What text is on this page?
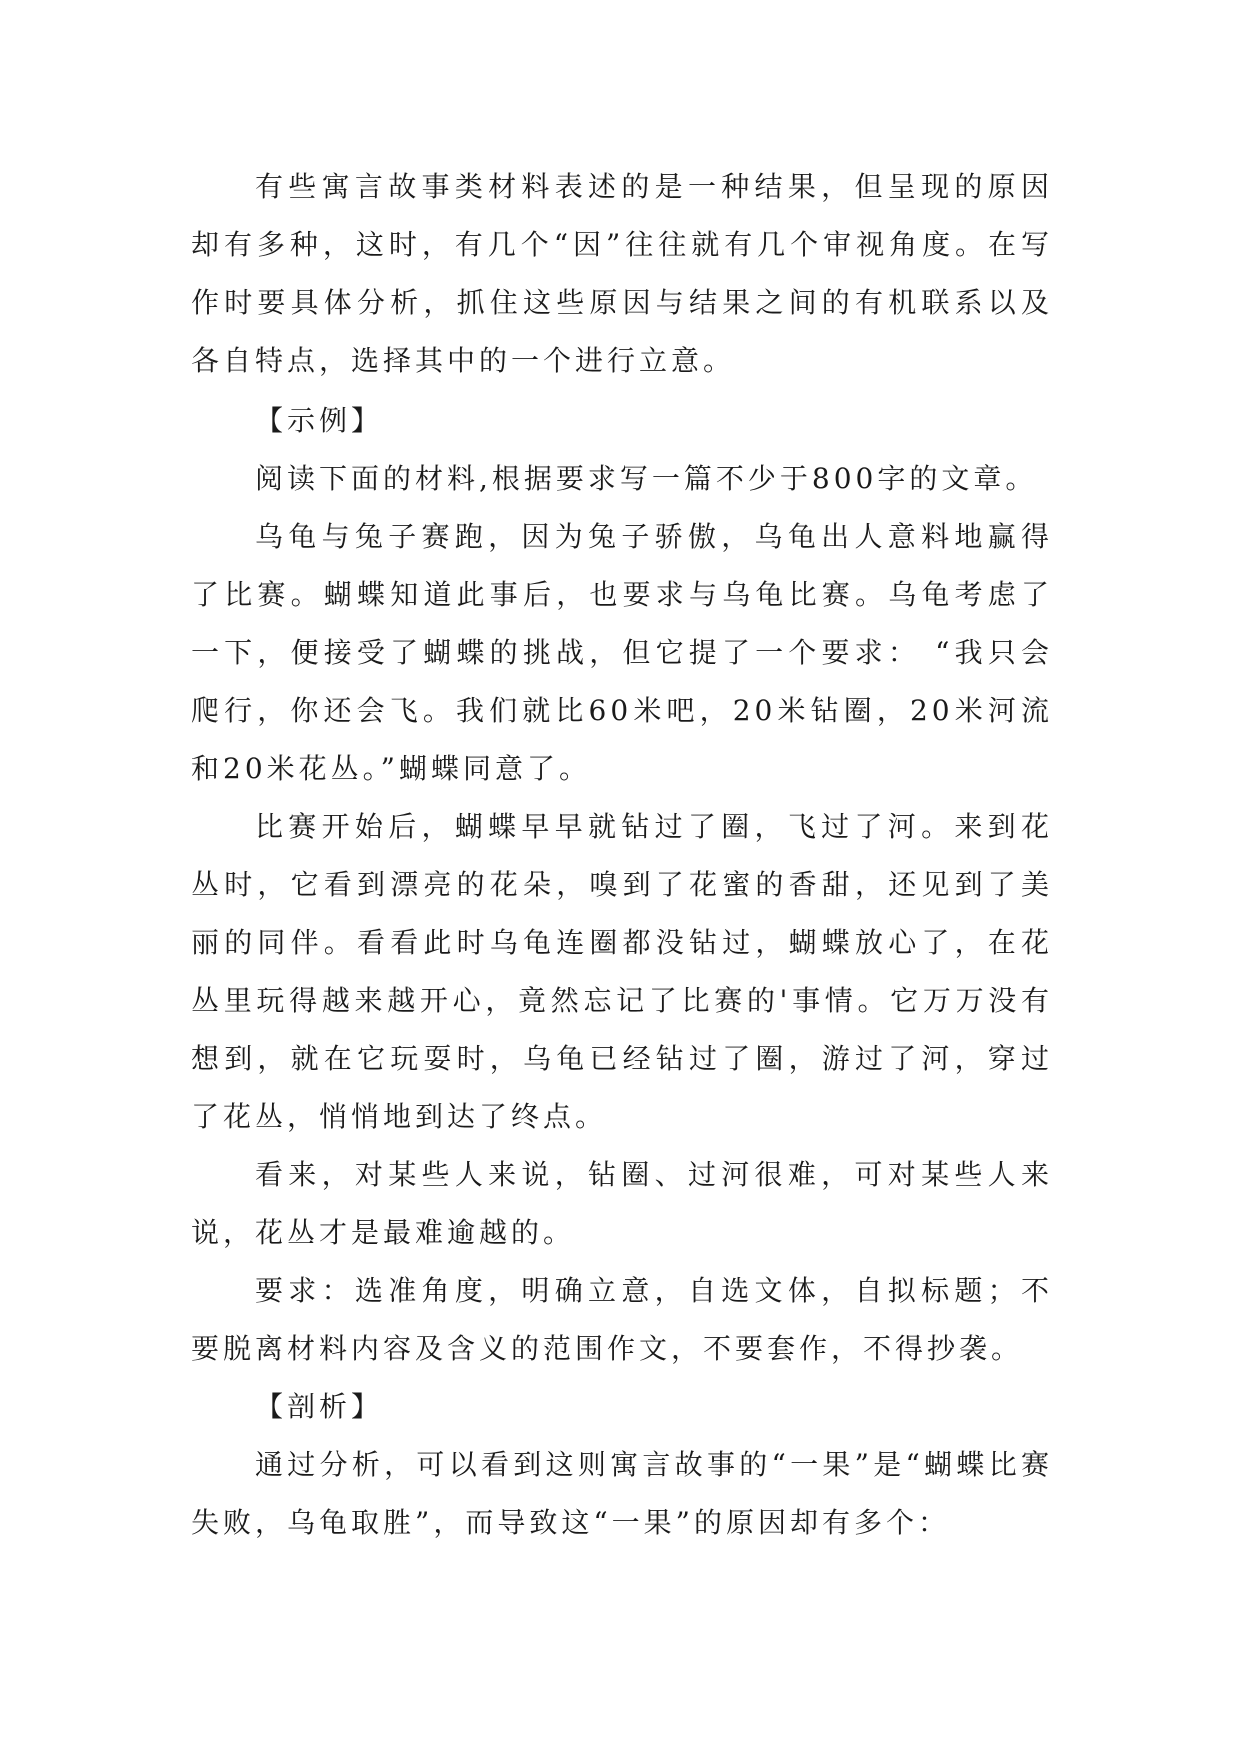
有些寓言故事类材料表述的是一种结果，但呈现的原因却有多种，这时，有几个“因”往往就有几个审视角度。在写作时要具体分析，抓住这些原因与结果之间的有机联系以及各自特点，选择其中的一个进行立意。

【示例】

阅读下面的材料,根据要求写一篇不少于800字的文章。

乌龟与兔子赛跑，因为兔子骄傲，乌龟出人意料地赢得了比赛。蝴蝶知道此事后，也要求与乌龟比赛。乌龟考虑了一下，便接受了蝴蝶的挑战，但它提了一个要求： “我只会爬行，你还会飞。我们就比60米吧，20米钻圈，20米河流和20米花丛。”蝴蝶同意了。

比赛开始后，蝴蝶早早就钻过了圈，飞过了河。来到花丛时，它看到漂亮的花朵，嗅到了花蜜的香甜，还见到了美丽的同伴。看看此时乌龟连圈都没钻过，蝴蝶放心了，在花丛里玩得越来越开心，竟然忘记了比赛的'事情。它万万没有想到，就在它玩耍时，乌龟已经钻过了圈，游过了河，穿过了花丛，悄悄地到达了终点。

看来，对某些人来说，钻圈、过河很难，可对某些人来说，花丛才是最难逾越的。

要求：选准角度，明确立意，自选文体，自拟标题；不要脱离材料内容及含义的范围作文，不要套作，不得抄袭。

【剖析】

通过分析，可以看到这则寓言故事的“一果”是“蝴蝶比赛失败，乌龟取胜”，而导致这“一果”的原因却有多个：
